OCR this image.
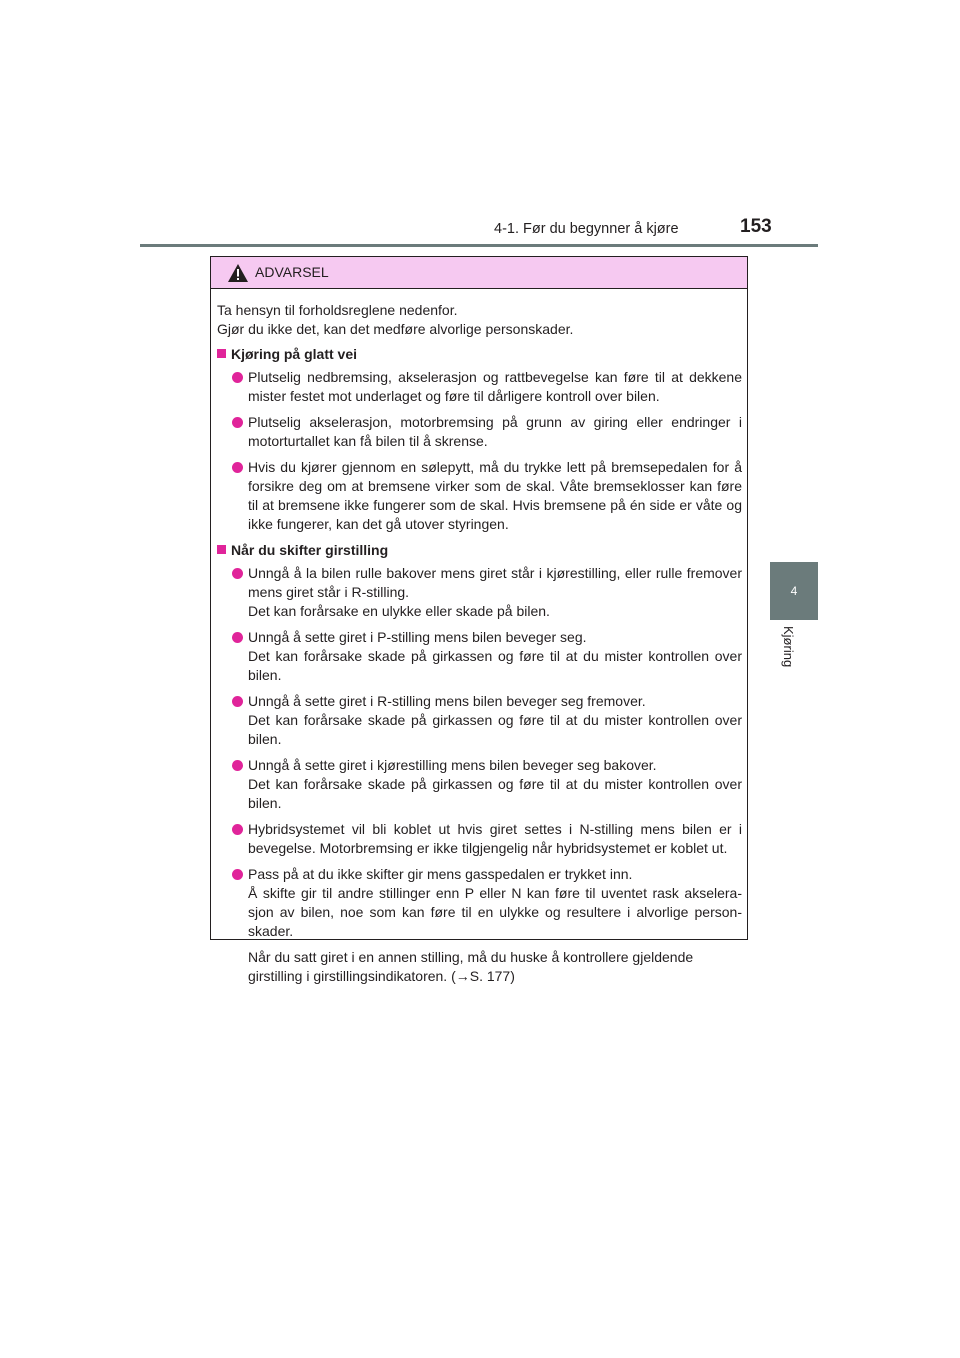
4-1. Før du begynner å kjøre	153
4
Kjøring
ADVARSEL
Ta hensyn til forholdsreglene nedenfor.
Gjør du ikke det, kan det medføre alvorlige personskader.
Kjøring på glatt vei
Plutselig nedbremsing, akselerasjon og rattbevegelse kan føre til at dekkene mister festet mot underlaget og føre til dårligere kontroll over bilen.
Plutselig akselerasjon, motorbremsing på grunn av giring eller endringer i motorturtallet kan få bilen til å skrense.
Hvis du kjører gjennom en sølepytt, må du trykke lett på bremsepedalen for å forsikre deg om at bremsene virker som de skal. Våte bremseklosser kan føre til at bremsene ikke fungerer som de skal. Hvis bremsene på én side er våte og ikke fungerer, kan det gå utover styringen.
Når du skifter girstilling
Unngå å la bilen rulle bakover mens giret står i kjørestilling, eller rulle fremover mens giret står i R-stilling.
Det kan forårsake en ulykke eller skade på bilen.
Unngå å sette giret i P-stilling mens bilen beveger seg.
Det kan forårsake skade på girkassen og føre til at du mister kontrollen over bilen.
Unngå å sette giret i R-stilling mens bilen beveger seg fremover.
Det kan forårsake skade på girkassen og føre til at du mister kontrollen over bilen.
Unngå å sette giret i kjørestilling mens bilen beveger seg bakover.
Det kan forårsake skade på girkassen og føre til at du mister kontrollen over bilen.
Hybridsystemet vil bli koblet ut hvis giret settes i N-stilling mens bilen er i bevegelse. Motorbremsing er ikke tilgjengelig når hybridsystemet er koblet ut.
Pass på at du ikke skifter gir mens gasspedalen er trykket inn.
Å skifte gir til andre stillinger enn P eller N kan føre til uventet rask akselera-sjon av bilen, noe som kan føre til en ulykke og resultere i alvorlige person-skader.
Når du satt giret i en annen stilling, må du huske å kontrollere gjeldende girstilling i girstillingsindikatoren. (→S. 177)
